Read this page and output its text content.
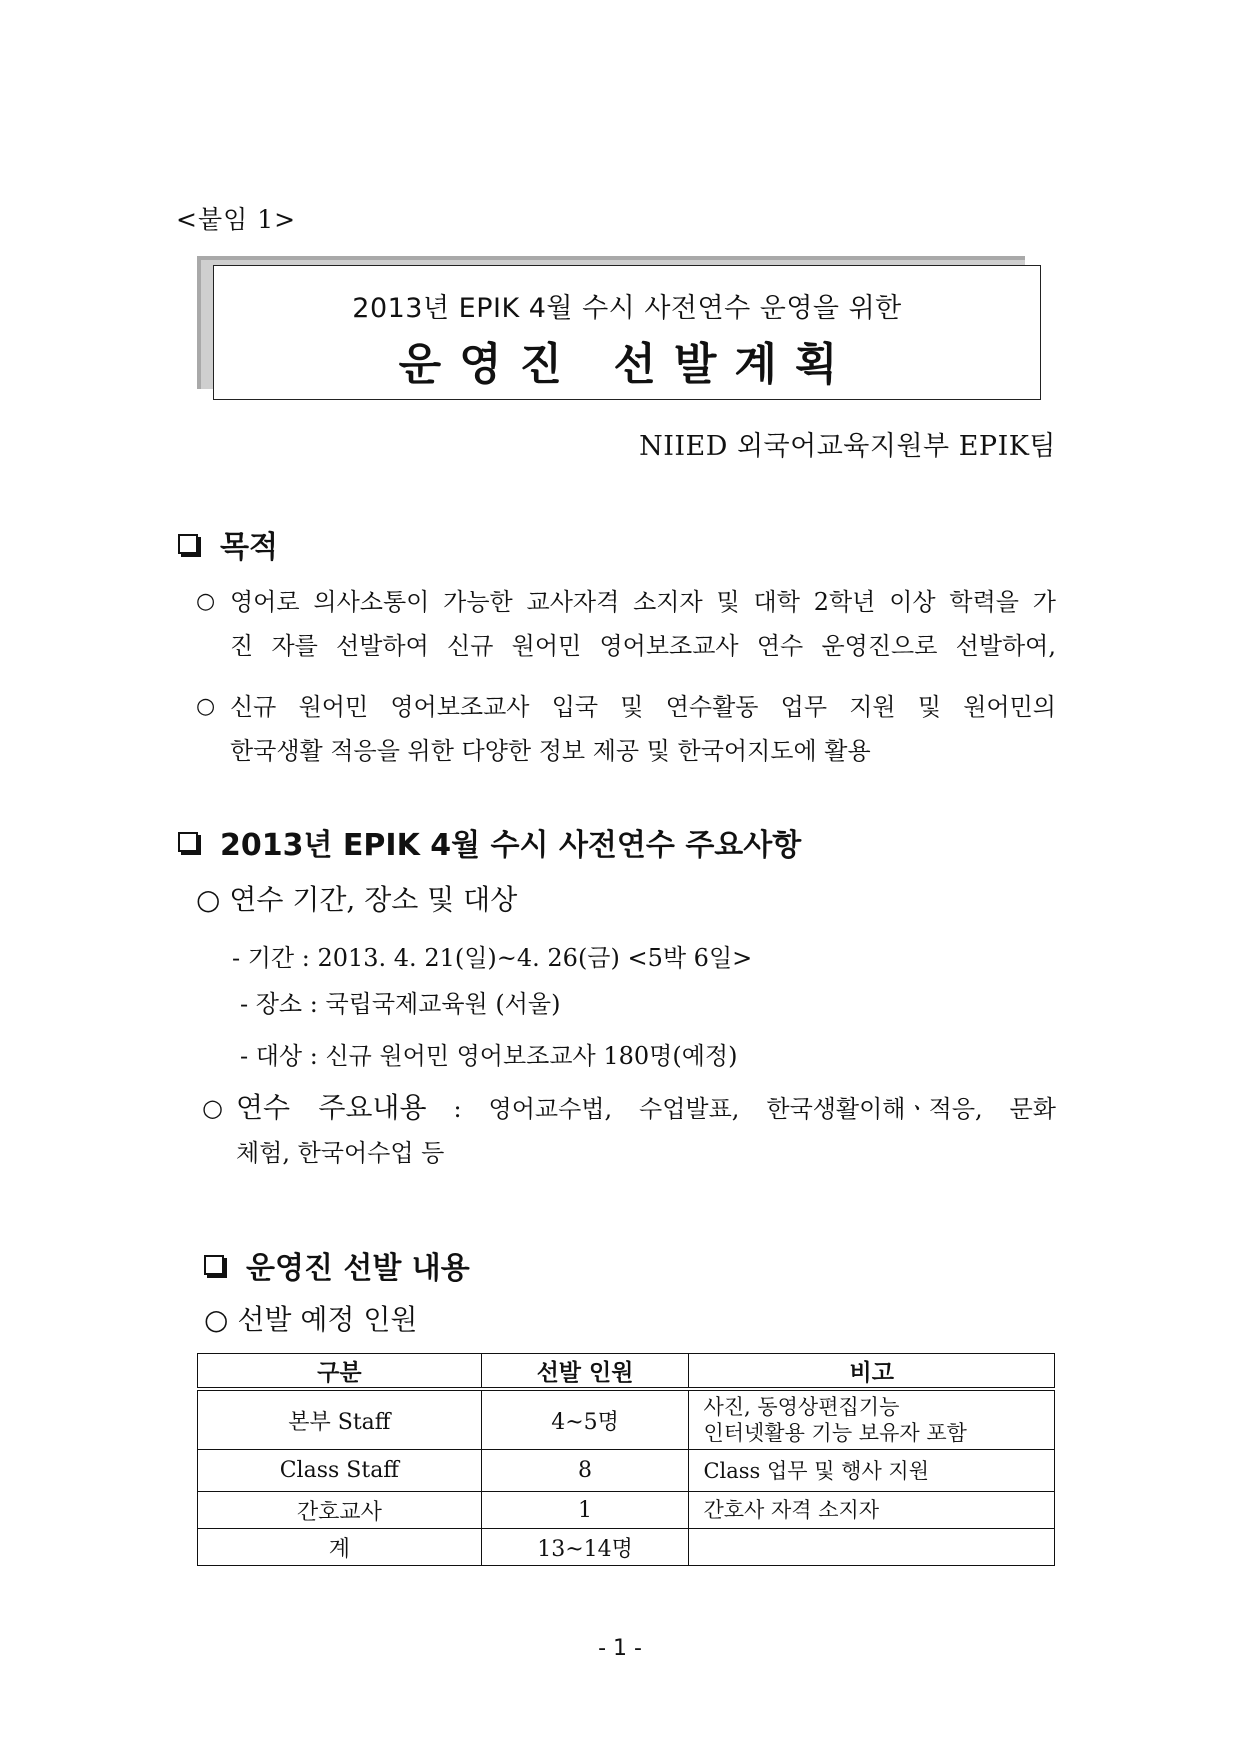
<붙임 1>
2013년 EPIK 4월 수시 사전연수 운영을 위한
운영진 선발계획
NIIED 외국어교육지원부 EPIK팀
목적
○ 영어로 의사소통이 가능한 교사자격 소지자 및 대학 2학년 이상 학력을 가
진 자를 선발하여 신규 원어민 영어보조교사 연수 운영진으로 선발하여,
○ 신규 원어민 영어보조교사 입국 및 연수활동 업무 지원 및 원어민의
한국생활 적응을 위한 다양한 정보 제공 및 한국어지도에 활용
2013년 EPIK 4월 수시 사전연수 주요사항
○ 연수 기간, 장소 및 대상
- 기간 : 2013. 4. 21(일)~4. 26(금) <5박 6일>
- 장소 : 국립국제교육원 (서울)
- 대상 : 신규 원어민 영어보조교사 180명(예정)
○ 연수 주요내용 : 영어교수법, 수업발표, 한국생활이해ㆍ적응, 문화
체험, 한국어수업 등
운영진 선발 내용
○ 선발 예정 인원
구분	선발 인원	비고
본부 Staff	4~5명	사진, 동영상편집기능
인터넷활용 기능 보유자 포함

Class Staff	8	Class 업무 및 행사 지원
간호교사	1	간호사 자격 소지자
계	13~14명	
- 1 -
